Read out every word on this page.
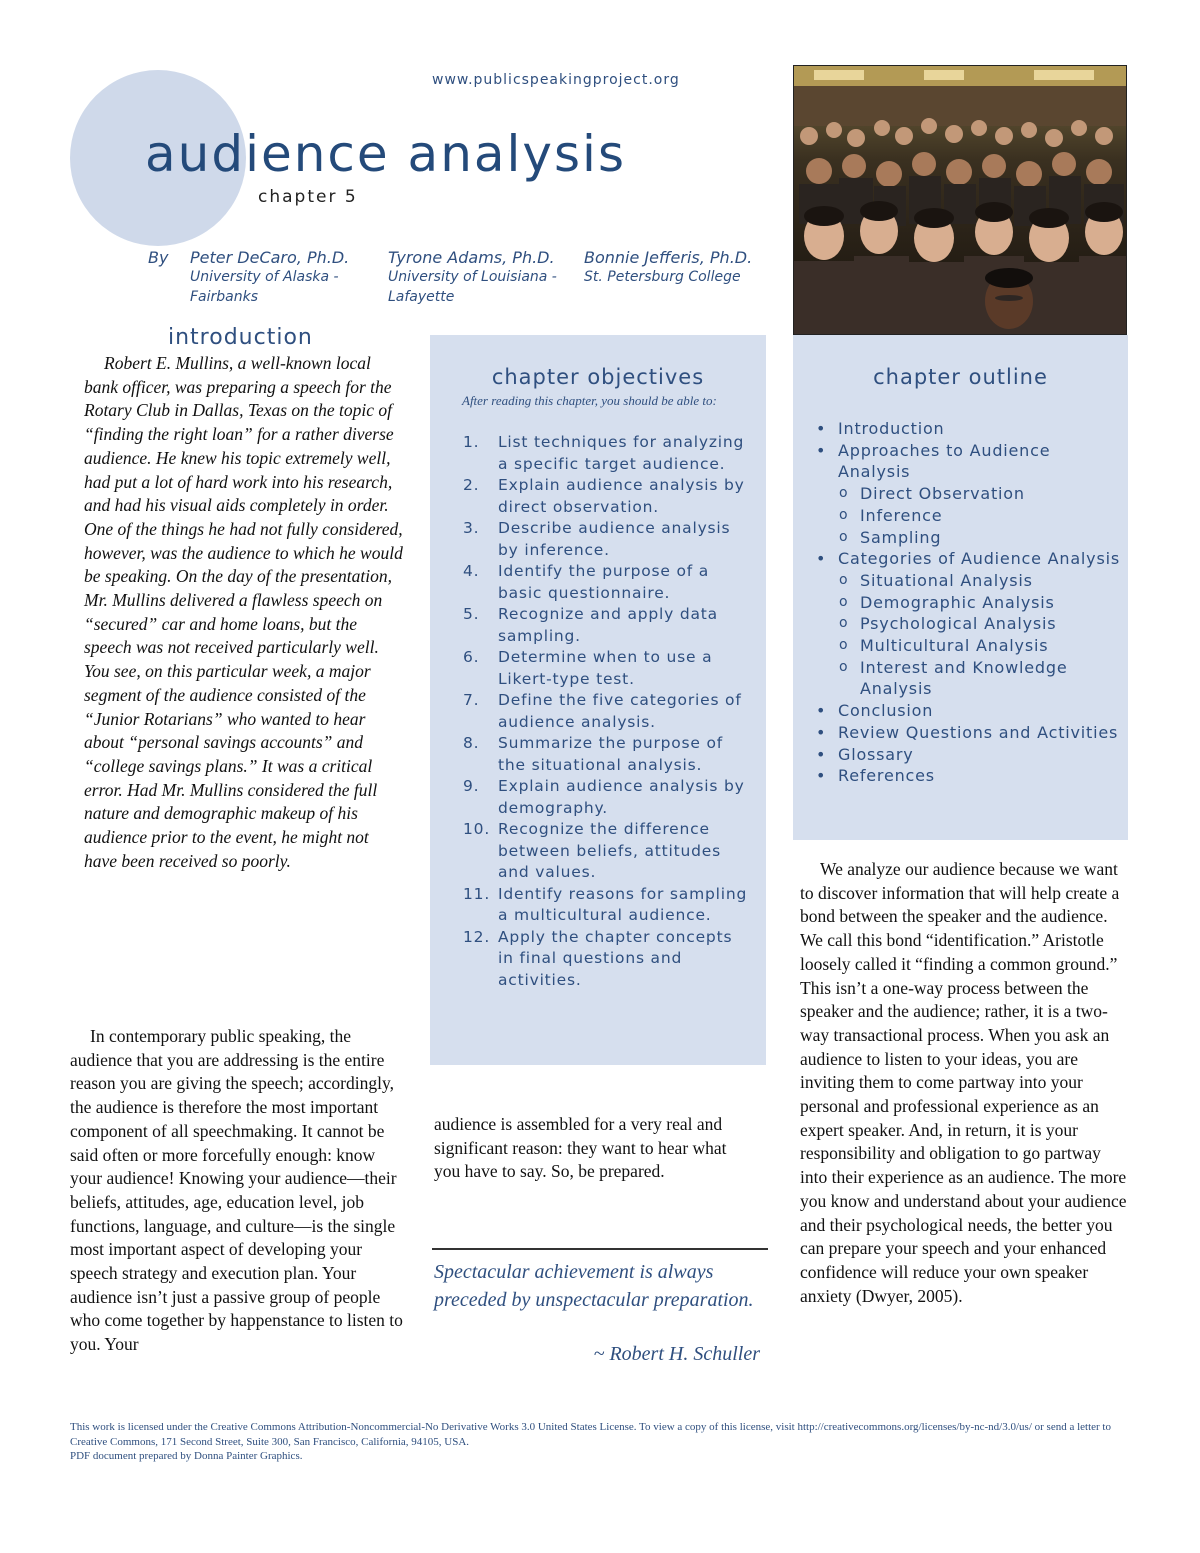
www.publicspeakingproject.org
audience analysis
chapter 5
By Peter DeCaro, Ph.D.
University of Alaska -
Fairbanks
Tyrone Adams, Ph.D.
University of Louisiana -
Lafayette
Bonnie Jefferis, Ph.D.
St. Petersburg College
introduction

Robert E. Mullins, a well-known local bank officer, was preparing a speech for the Rotary Club in Dallas, Texas on the topic of “finding the right loan” for a rather diverse audience. He knew his topic extremely well, had put a lot of hard work into his research, and had his visual aids completely in order. One of the things he had not fully considered, however, was the audience to which he would be speaking. On the day of the presentation, Mr. Mullins delivered a flawless speech on “secured” car and home loans, but the speech was not received particularly well. You see, on this particular week, a major segment of the audience consisted of the “Junior Rotarians” who wanted to hear about “personal savings accounts” and “college savings plans.” It was a critical error. Had Mr. Mullins considered the full nature and demographic makeup of his audience prior to the event, he might not have been received so poorly.

In contemporary public speaking, the audience that you are addressing is the entire reason you are giving the speech; accordingly, the audience is therefore the most important component of all speechmaking. It cannot be said often or more forcefully enough: know your audience! Knowing your audience—their beliefs, attitudes, age, education level, job functions, language, and culture—is the single most important aspect of developing your speech strategy and execution plan. Your audience isn’t just a passive group of people who come together by happenstance to listen to you. Your

chapter objectives
After reading this chapter, you should be able to:
1. List techniques for analyzing a specific target audience.
2. Explain audience analysis by direct observation.
3. Describe audience analysis by inference.
4. Identify the purpose of a basic questionnaire.
5. Recognize and apply data sampling.
6. Determine when to use a Likert-type test.
7. Define the five categories of audience analysis.
8. Summarize the purpose of the situational analysis.
9. Explain audience analysis by demography.
10. Recognize the difference between beliefs, attitudes and values.
11. Identify reasons for sampling a multicultural audience.
12. Apply the chapter concepts in final questions and activities.
chapter outline
• Introduction
• Approaches to Audience Analysis
o Direct Observation
o Inference
o Sampling
• Categories of Audience Analysis
o Situational Analysis
o Demographic Analysis
o Psychological Analysis
o Multicultural Analysis
o Interest and Knowledge Analysis
• Conclusion
• Review Questions and Activities
• Glossary
• References

audience is assembled for a very real and significant reason: they want to hear what you have to say. So, be prepared.

Spectacular achievement is always preceded by unspectacular preparation.

~ Robert H. Schuller

We analyze our audience because we want to discover information that will help create a bond between the speaker and the audience. We call this bond “identification.” Aristotle loosely called it “finding a common ground.” This isn’t a one-way process between the speaker and the audience; rather, it is a two-way transactional process. When you ask an audience to listen to your ideas, you are inviting them to come partway into your personal and professional experience as an expert speaker. And, in return, it is your responsibility and obligation to go partway into their experience as an audience. The more you know and understand about your audience and their psychological needs, the better you can prepare your speech and your enhanced confidence will reduce your own speaker anxiety (Dwyer, 2005).

This work is licensed under the Creative Commons Attribution-Noncommercial-No Derivative Works 3.0 United States License. To view a copy of this license, visit http://creativecommons.org/licenses/by-nc-nd/3.0/us/ or send a letter to Creative Commons, 171 Second Street, Suite 300, San Francisco, California, 94105, USA.
PDF document prepared by Donna Painter Graphics.
